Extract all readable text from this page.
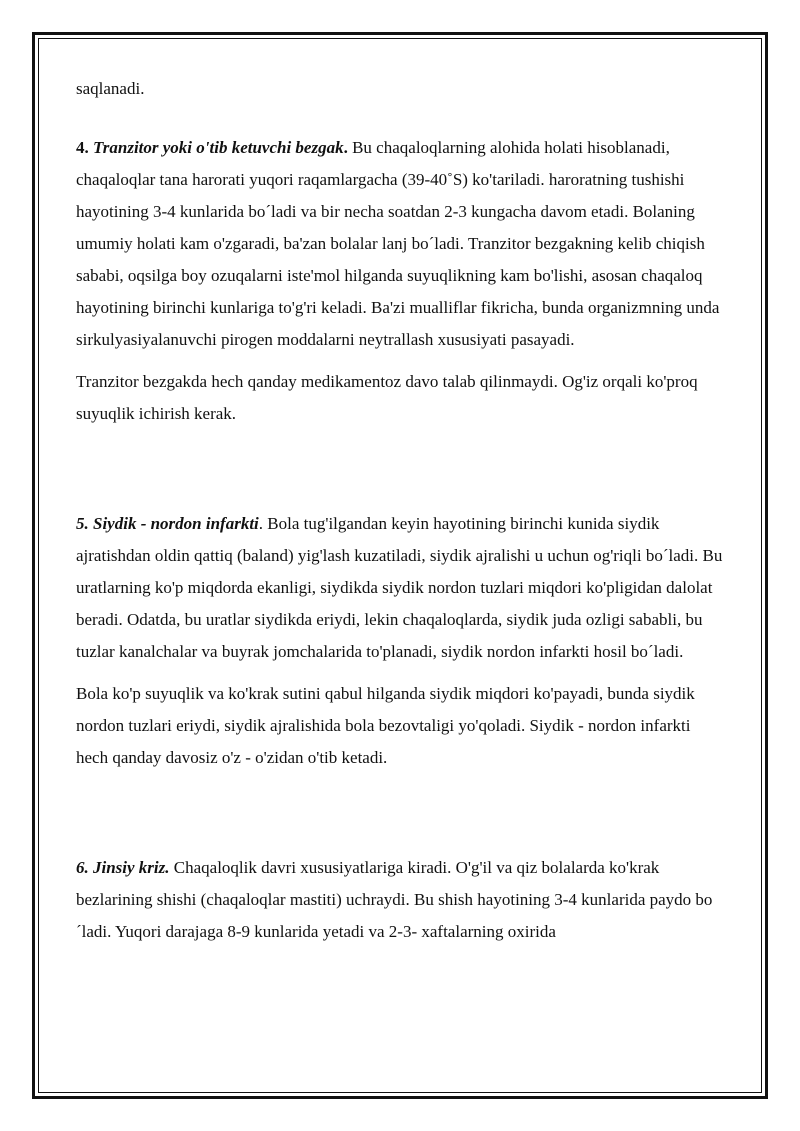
saqlanadi.

4. Tranzitor yoki o'tib ketuvchi bezgak. Bu chaqaloqlarning alohida holati hisoblanadi, chaqaloqlar tana harorati yuqori raqamlargacha (39-40˚S) ko'tariladi. haroratning tushishi hayotining 3-4 kunlarida bo´ladi va bir necha soatdan 2-3 kungacha davom etadi. Bolaning umumiy holati kam o'zgaradi, ba'zan bolalar lanj bo´ladi. Tranzitor bezgakning kelib chiqish sababi, oqsilga boy ozuqalarni iste'mol hilganda suyuqlikning kam bo'lishi, asosan chaqaloq hayotining birinchi kunlariga to'g'ri keladi. Ba'zi mualliflar fikricha, bunda organizmning unda sirkulyasiyalanuvchi pirogen moddalarni neytrallash xususiyati pasayadi.

Tranzitor bezgakda hech qanday medikamentoz davo talab qilinmaydi. Og'iz orqali ko'proq suyuqlik ichirish kerak.

5. Siydik - nordon infarkti. Bola tug'ilgandan keyin hayotining birinchi kunida siydik ajratishdan oldin qattiq (baland) yig'lash kuzatiladi, siydik ajralishi u uchun og'riqli bo´ladi. Bu uratlarning ko'p miqdorda ekanligi, siydikda siydik nordon tuzlari miqdori ko'pligidan dalolat beradi. Odatda, bu uratlar siydikda eriydi, lekin chaqaloqlarda, siydik juda ozligi sababli, bu tuzlar kanalchalar va buyrak jomchalarida to'planadi, siydik nordon infarkti hosil bo´ladi.

Bola ko'p suyuqlik va ko'krak sutini qabul hilganda siydik miqdori ko'payadi, bunda siydik nordon tuzlari eriydi, siydik ajralishida bola bezovtaligi yo'qoladi. Siydik - nordon infarkti hech qanday davosiz o'z - o'zidan o'tib ketadi.

6. Jinsiy kriz. Chaqaloqlik davri xususiyatlariga kiradi. O'g'il va qiz bolalarda ko'krak bezlarining shishi (chaqaloqlar mastiti) uchraydi. Bu shish hayotining 3-4 kunlarida paydo bo´ladi. Yuqori darajaga 8-9 kunlarida yetadi va 2-3- xaftalarning oxirida
